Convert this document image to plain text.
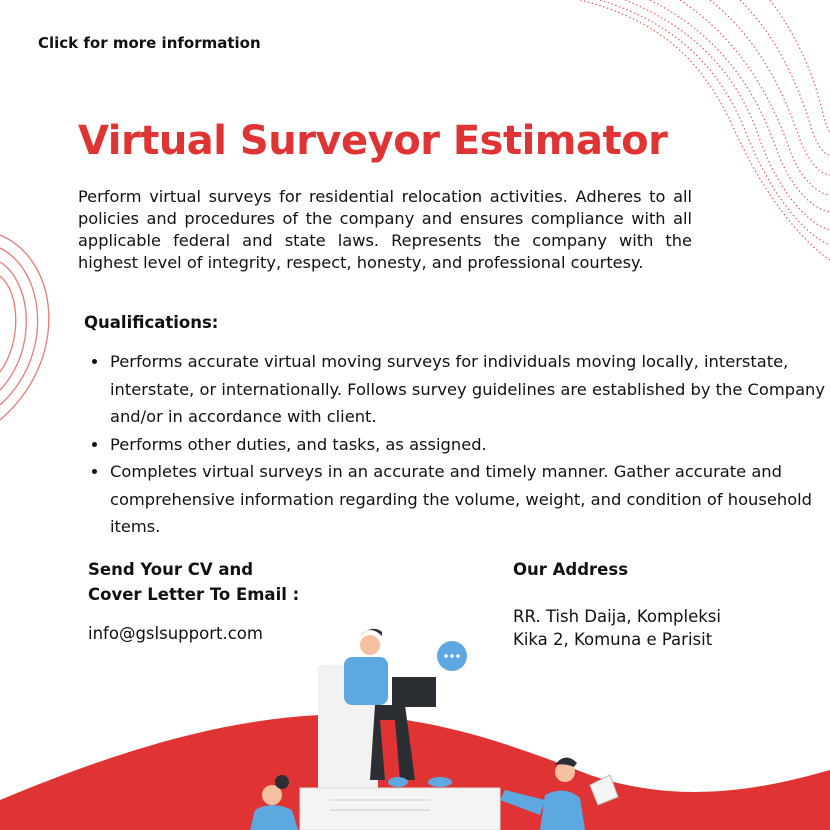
Click for more information
Virtual Surveyor Estimator
Perform virtual surveys for residential relocation activities. Adheres to all policies and procedures of the company and ensures compliance with all applicable federal and state laws. Represents the company with the highest level of integrity, respect, honesty, and professional courtesy.
Qualifications:
• Performs accurate virtual moving surveys for individuals moving locally, interstate, interstate, or internationally. Follows survey guidelines are established by the Company and/or in accordance with client.
• Performs other duties, and tasks, as assigned.
• Completes virtual surveys in an accurate and timely manner. Gather accurate and comprehensive information regarding the volume, weight, and condition of household items.
Send Your CV and
Cover Letter To Email :
info@gslsupport.com
Our Address
RR. Tish Daija, Kompleksi
Kika 2, Komuna e Parisit
